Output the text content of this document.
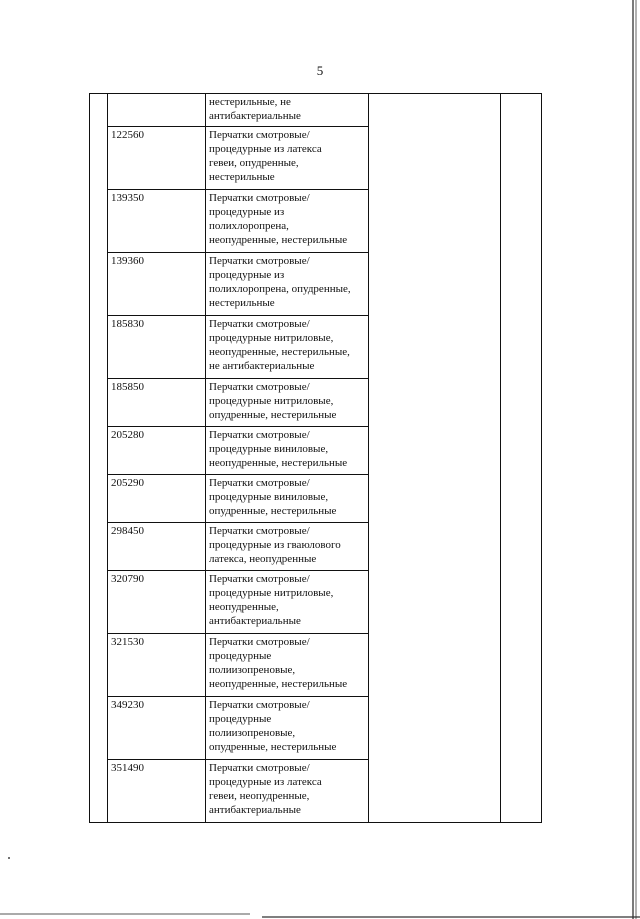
5
		нестерильные, не
антибактериальные		
	122560	Перчатки смотровые/
процедурные из латекса
гевеи, опудренные,
нестерильные		
	139350	Перчатки смотровые/
процедурные из
полихлоропрена,
неопудренные, нестерильные		
	139360	Перчатки смотровые/
процедурные из
полихлоропрена, опудренные,
нестерильные		
	185830	Перчатки смотровые/
процедурные нитриловые,
неопудренные, нестерильные,
не антибактериальные		
	185850	Перчатки смотровые/
процедурные нитриловые,
опудренные, нестерильные		
	205280	Перчатки смотровые/
процедурные виниловые,
неопудренные, нестерильные		
	205290	Перчатки смотровые/
процедурные виниловые,
опудренные, нестерильные		
	298450	Перчатки смотровые/
процедурные из гваюлового
латекса, неопудренные		
	320790	Перчатки смотровые/
процедурные нитриловые,
неопудренные,
антибактериальные		
	321530	Перчатки смотровые/
процедурные
полиизопреновые,
неопудренные, нестерильные		
	349230	Перчатки смотровые/
процедурные
полиизопреновые,
опудренные, нестерильные		
	351490	Перчатки смотровые/
процедурные из латекса
гевеи, неопудренные,
антибактериальные		
